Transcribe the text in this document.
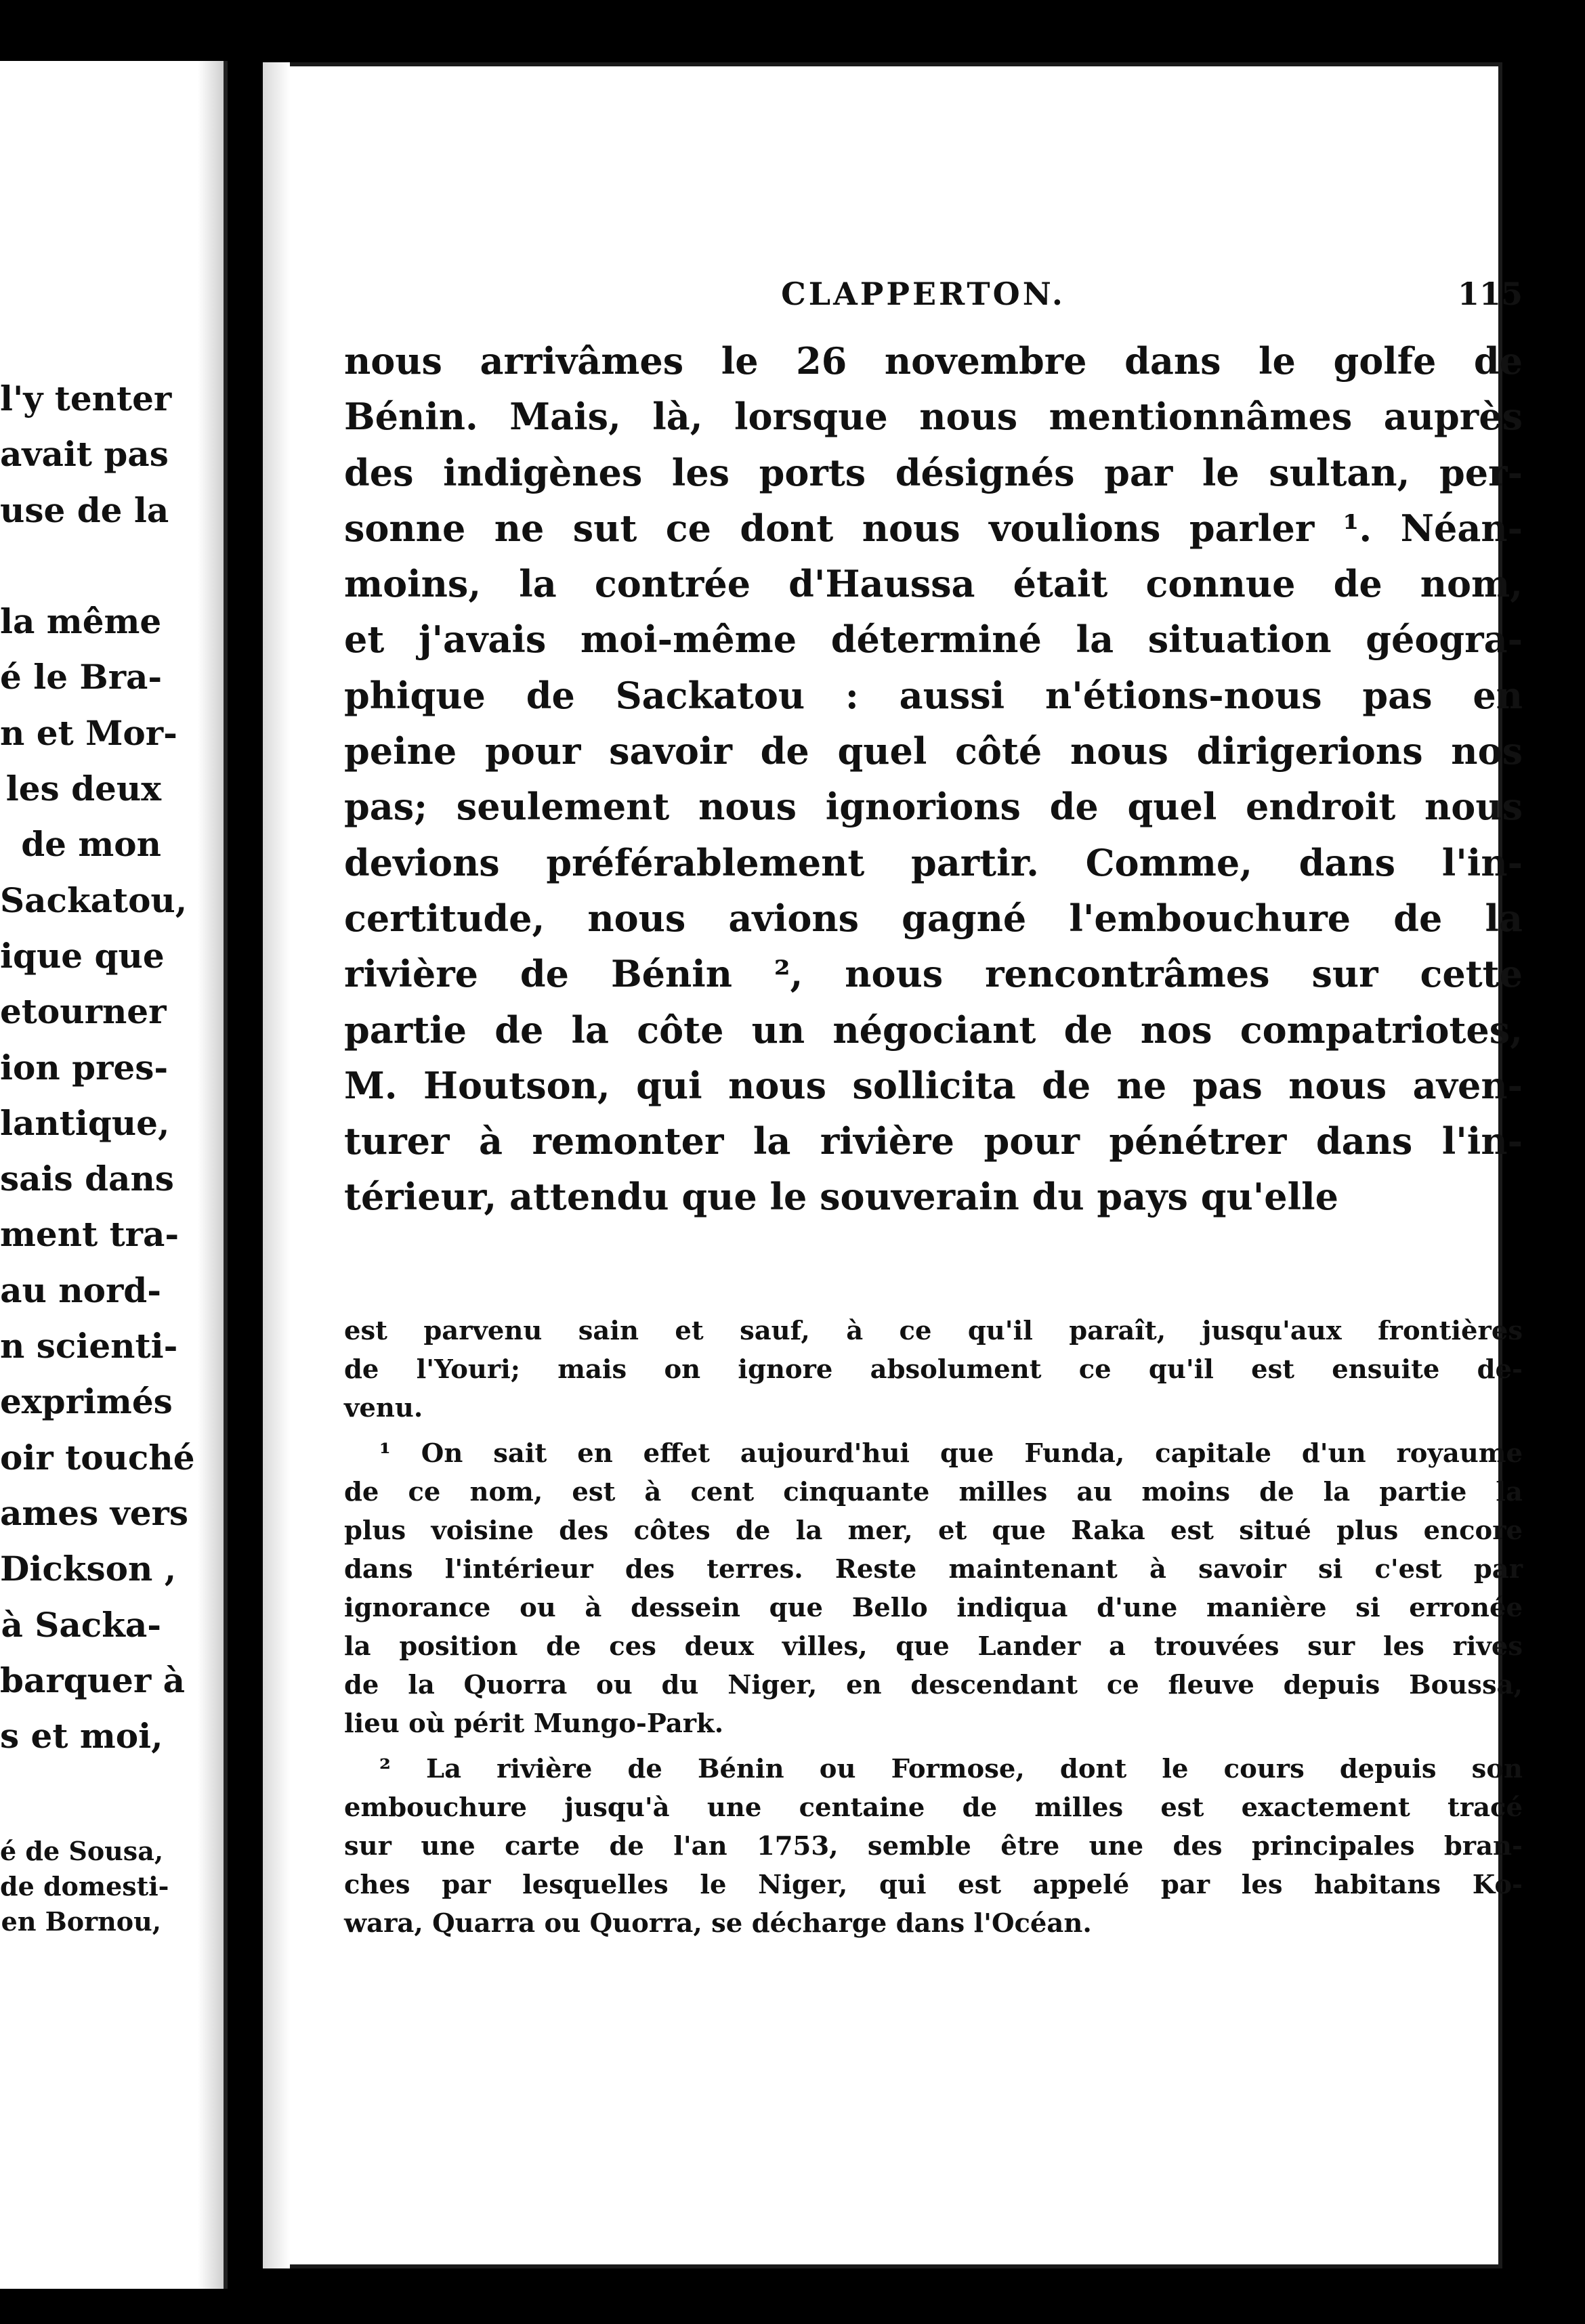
l'y tenter
avait pas
use de la
la même
é le Bra-
n et Mor-
les deux
de mon
Sackatou,
ique que
etourner
ion pres-
lantique,
sais dans
ment tra-
au nord-
n scienti-
exprimés
oir touché
ames vers
Dickson ,
à Sacka-
barquer à
s et moi,
é de Sousa,
de domesti-
en Bornou,
CLAPPERTON.	115
nous arrivâmes le 26 novembre dans le golfe de
Bénin. Mais, là, lorsque nous mentionnâmes auprès
des indigènes les ports désignés par le sultan, per-
sonne ne sut ce dont nous voulions parler ¹. Néan-
moins, la contrée d'Haussa était connue de nom,
et j'avais moi-même déterminé la situation géogra-
phique de Sackatou : aussi n'étions-nous pas en
peine pour savoir de quel côté nous dirigerions nos
pas; seulement nous ignorions de quel endroit nous
devions préférablement partir. Comme, dans l'in-
certitude, nous avions gagné l'embouchure de la
rivière de Bénin ², nous rencontrâmes sur cette
partie de la côte un négociant de nos compatriotes,
M. Houtson, qui nous sollicita de ne pas nous aven-
turer à remonter la rivière pour pénétrer dans l'in-
térieur, attendu que le souverain du pays qu'elle
est parvenu sain et sauf, à ce qu'il paraît, jusqu'aux frontières
de l'Youri; mais on ignore absolument ce qu'il est ensuite de-
venu.
¹ On sait en effet aujourd'hui que Funda, capitale d'un royaume
de ce nom, est à cent cinquante milles au moins de la partie la
plus voisine des côtes de la mer, et que Raka est situé plus encore
dans l'intérieur des terres. Reste maintenant à savoir si c'est par
ignorance ou à dessein que Bello indiqua d'une manière si erronée
la position de ces deux villes, que Lander a trouvées sur les rives
de la Quorra ou du Niger, en descendant ce fleuve depuis Boussa,
lieu où périt Mungo-Park.
² La rivière de Bénin ou Formose, dont le cours depuis son
embouchure jusqu'à une centaine de milles est exactement tracé
sur une carte de l'an 1753, semble être une des principales bran-
ches par lesquelles le Niger, qui est appelé par les habitans Ko-
wara, Quarra ou Quorra, se décharge dans l'Océan.
